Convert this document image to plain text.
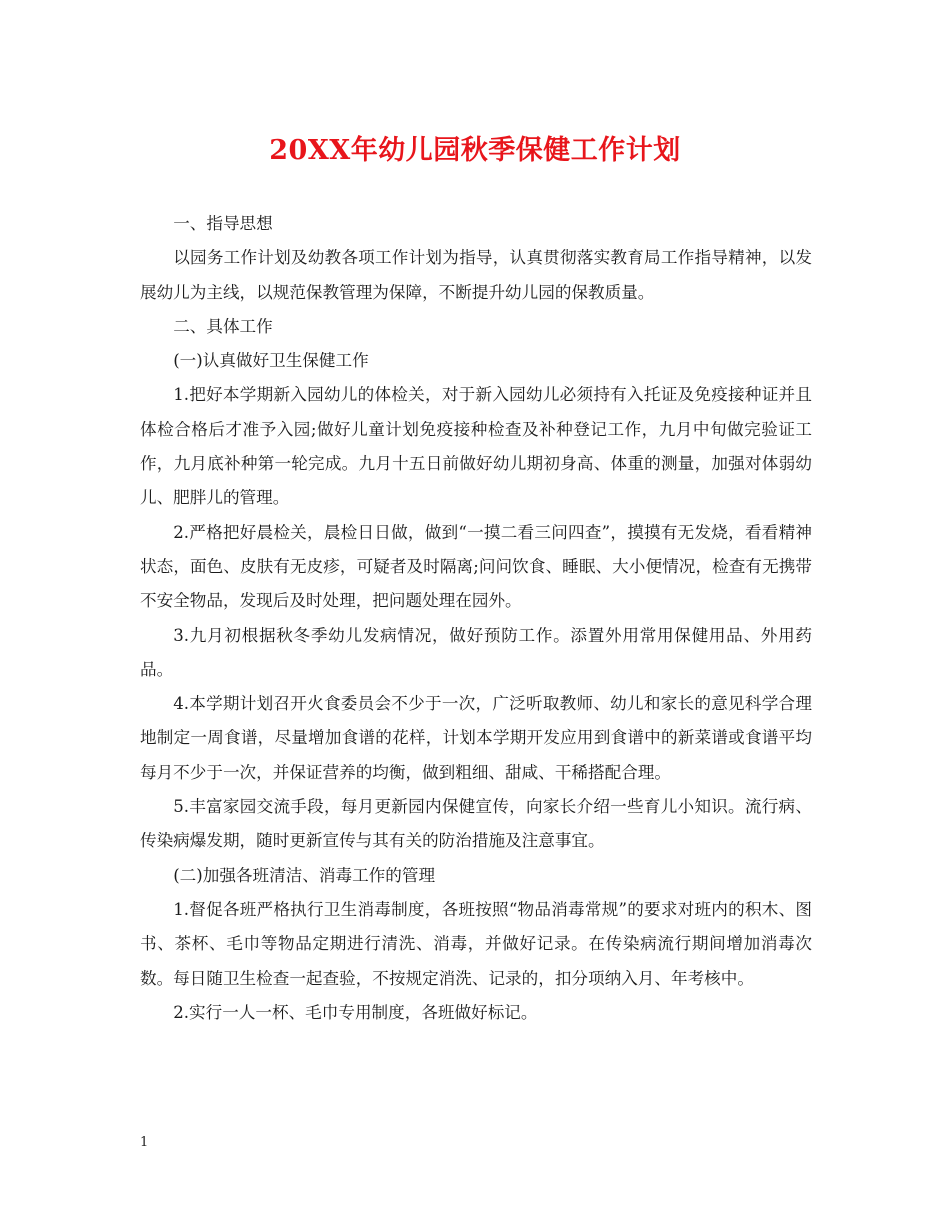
20XX年幼儿园秋季保健工作计划

一、指导思想

以园务工作计划及幼教各项工作计划为指导，认真贯彻落实教育局工作指导精神，以发展幼儿为主线，以规范保教管理为保障，不断提升幼儿园的保教质量。

二、具体工作

(一)认真做好卫生保健工作

1.把好本学期新入园幼儿的体检关，对于新入园幼儿必须持有入托证及免疫接种证并且体检合格后才准予入园;做好儿童计划免疫接种检查及补种登记工作，九月中旬做完验证工作，九月底补种第一轮完成。九月十五日前做好幼儿期初身高、体重的测量，加强对体弱幼儿、肥胖儿的管理。

2.严格把好晨检关，晨检日日做，做到“一摸二看三问四查”，摸摸有无发烧，看看精神状态，面色、皮肤有无皮疹，可疑者及时隔离;问问饮食、睡眠、大小便情况，检查有无携带不安全物品，发现后及时处理，把问题处理在园外。

3.九月初根据秋冬季幼儿发病情况，做好预防工作。添置外用常用保健用品、外用药品。

4.本学期计划召开火食委员会不少于一次，广泛听取教师、幼儿和家长的意见科学合理地制定一周食谱，尽量增加食谱的花样，计划本学期开发应用到食谱中的新菜谱或食谱平均每月不少于一次，并保证营养的均衡，做到粗细、甜咸、干稀搭配合理。

5.丰富家园交流手段，每月更新园内保健宣传，向家长介绍一些育儿小知识。流行病、传染病爆发期，随时更新宣传与其有关的防治措施及注意事宜。

(二)加强各班清洁、消毒工作的管理

1.督促各班严格执行卫生消毒制度，各班按照“物品消毒常规”的要求对班内的积木、图书、茶杯、毛巾等物品定期进行清洗、消毒，并做好记录。在传染病流行期间增加消毒次数。每日随卫生检查一起查验，不按规定消洗、记录的，扣分项纳入月、年考核中。

2.实行一人一杯、毛巾专用制度，各班做好标记。

1
